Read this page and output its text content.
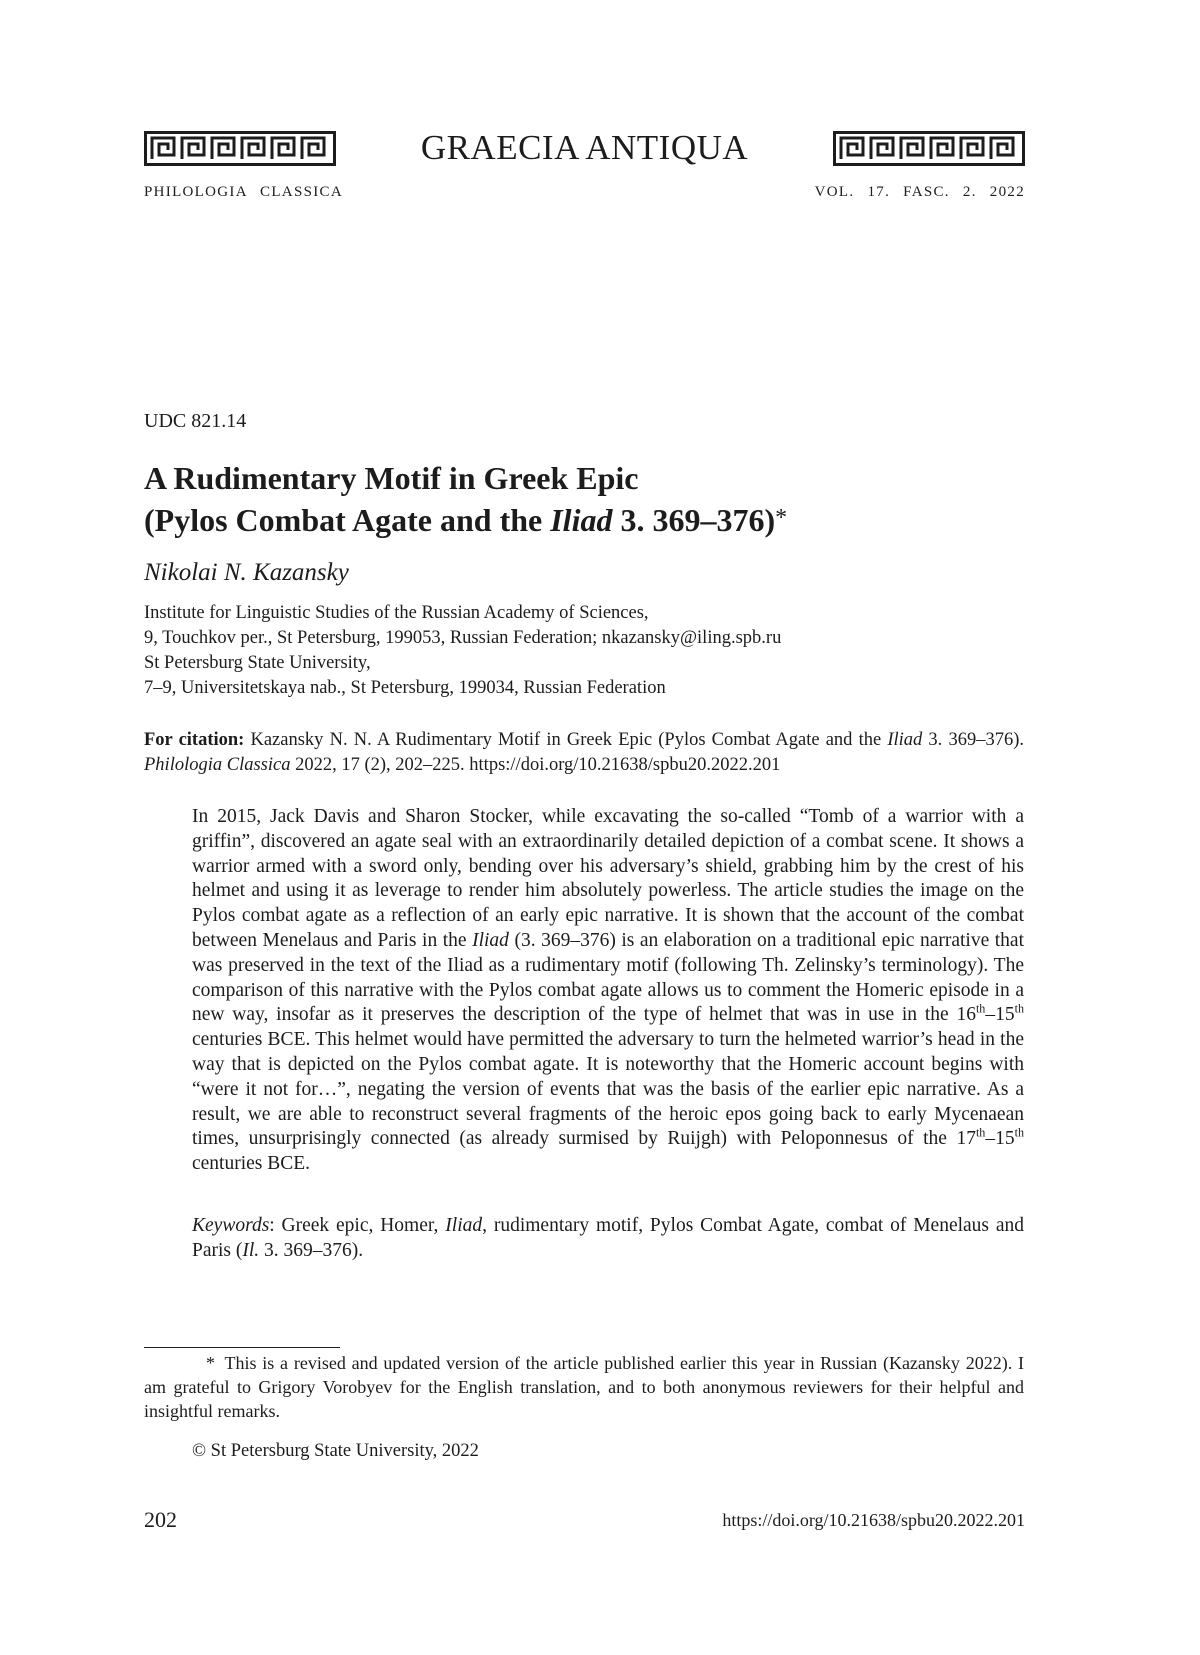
GRAECIA ANTIQUA
PHILOLOGIA CLASSICA	VOL. 17. FASC. 2. 2022
UDC 821.14
A Rudimentary Motif in Greek Epic
(Pylos Combat Agate and the Iliad 3. 369–376)*
Nikolai N. Kazansky
Institute for Linguistic Studies of the Russian Academy of Sciences,
9, Touchkov per., St Petersburg, 199053, Russian Federation; nkazansky@iling.spb.ru
St Petersburg State University,
7–9, Universitetskaya nab., St Petersburg, 199034, Russian Federation

For citation: Kazansky N. N. A Rudimentary Motif in Greek Epic (Pylos Combat Agate and the Iliad 3. 369–376). Philologia Classica 2022, 17 (2), 202–225. https://doi.org/10.21638/spbu20.2022.201

In 2015, Jack Davis and Sharon Stocker, while excavating the so-called “Tomb of a warrior with a griffin”, discovered an agate seal with an extraordinarily detailed depiction of a combat scene. It shows a warrior armed with a sword only, bending over his adversary’s shield, grabbing him by the crest of his helmet and using it as leverage to render him absolutely powerless. The article studies the image on the Pylos combat agate as a reflection of an early epic narrative. It is shown that the account of the combat between Menelaus and Paris in the Iliad (3. 369–376) is an elaboration on a traditional epic narrative that was preserved in the text of the Iliad as a rudimentary motif (following Th. Zelinsky’s terminology). The comparison of this narrative with the Pylos combat agate allows us to comment the Homeric episode in a new way, insofar as it preserves the description of the type of helmet that was in use in the 16th–15th centuries BCE. This helmet would have permitted the adversary to turn the helmeted warrior’s head in the way that is depicted on the Pylos combat agate. It is noteworthy that the Homeric account begins with “were it not for…”, negating the version of events that was the basis of the earlier epic narrative. As a result, we are able to reconstruct several fragments of the heroic epos going back to early Mycenaean times, unsurprisingly connected (as already surmised by Ruijgh) with Peloponnesus of the 17th–15th centuries BCE.

Keywords: Greek epic, Homer, Iliad, rudimentary motif, Pylos Combat Agate, combat of Menelaus and Paris (Il. 3. 369–376).

* This is a revised and updated version of the article published earlier this year in Russian (Kazansky 2022). I am grateful to Grigory Vorobyev for the English translation, and to both anonymous reviewers for their helpful and insightful remarks.

© St Petersburg State University, 2022
202	https://doi.org/10.21638/spbu20.2022.201
